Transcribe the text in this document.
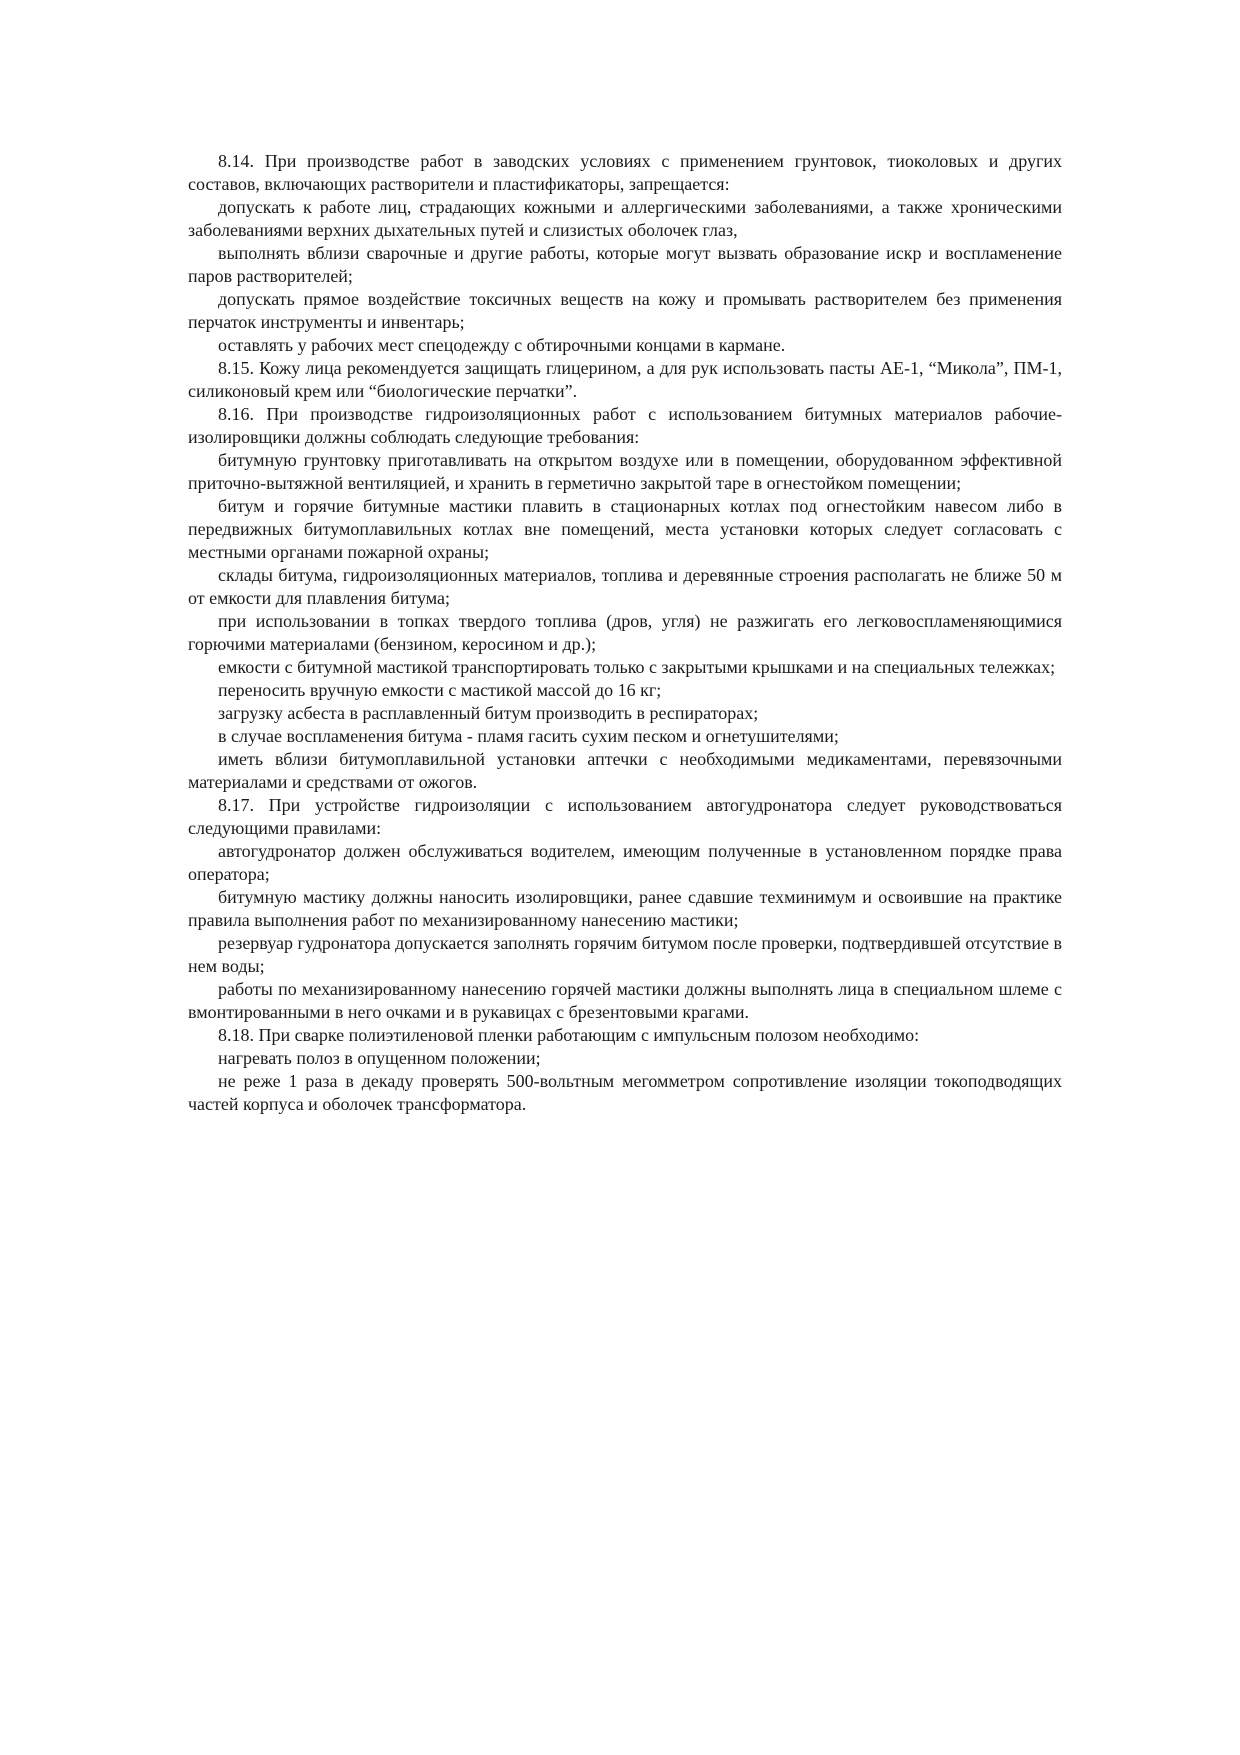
8.14. При производстве работ в заводских условиях с применением грунтовок, тиоколовых и других составов, включающих растворители и пластификаторы, запрещается:

допускать к работе лиц, страдающих кожными и аллергическими заболеваниями, а также хроническими заболеваниями верхних дыхательных путей и слизистых оболочек глаз,

выполнять вблизи сварочные и другие работы, которые могут вызвать образование искр и воспламенение паров растворителей;

допускать прямое воздействие токсичных веществ на кожу и промывать растворителем без применения перчаток инструменты и инвентарь;

оставлять у рабочих мест спецодежду с обтирочными концами в кармане.

8.15. Кожу лица рекомендуется защищать глицерином, а для рук использовать пасты АЕ-1, “Микола”, ПМ-1, силиконовый крем или “биологические перчатки”.

8.16. При производстве гидроизоляционных работ с использованием битумных материалов рабочие-изолировщики должны соблюдать следующие требования:

битумную грунтовку приготавливать на открытом воздухе или в помещении, оборудованном эффективной приточно-вытяжной вентиляцией, и хранить в герметично закрытой таре в огнестойком помещении;

битум и горячие битумные мастики плавить в стационарных котлах под огнестойким навесом либо в передвижных битумоплавильных котлах вне помещений, места установки которых следует согласовать с местными органами пожарной охраны;

склады битума, гидроизоляционных материалов, топлива и деревянные строения располагать не ближе 50 м от емкости для плавления битума;

при использовании в топках твердого топлива (дров, угля) не разжигать его легковоспламеняющимися горючими материалами (бензином, керосином и др.);

емкости с битумной мастикой транспортировать только с закрытыми крышками и на специальных тележках;

переносить вручную емкости с мастикой массой до 16 кг;

загрузку асбеста в расплавленный битум производить в респираторах;

в случае воспламенения битума - пламя гасить сухим песком и огнетушителями;

иметь вблизи битумоплавильной установки аптечки с необходимыми медикаментами, перевязочными материалами и средствами от ожогов.

8.17. При устройстве гидроизоляции с использованием автогудронатора следует руководствоваться следующими правилами:

автогудронатор должен обслуживаться водителем, имеющим полученные в установленном порядке права оператора;

битумную мастику должны наносить изолировщики, ранее сдавшие техминимум и освоившие на практике правила выполнения работ по механизированному нанесению мастики;

резервуар гудронатора допускается заполнять горячим битумом после проверки, подтвердившей отсутствие в нем воды;

работы по механизированному нанесению горячей мастики должны выполнять лица в специальном шлеме с вмонтированными в него очками и в рукавицах с брезентовыми крагами.

8.18. При сварке полиэтиленовой пленки работающим с импульсным полозом необходимо:

нагревать полоз в опущенном положении;

не реже 1 раза в декаду проверять 500-вольтным мегомметром сопротивление изоляции токоподводящих частей корпуса и оболочек трансформатора.
